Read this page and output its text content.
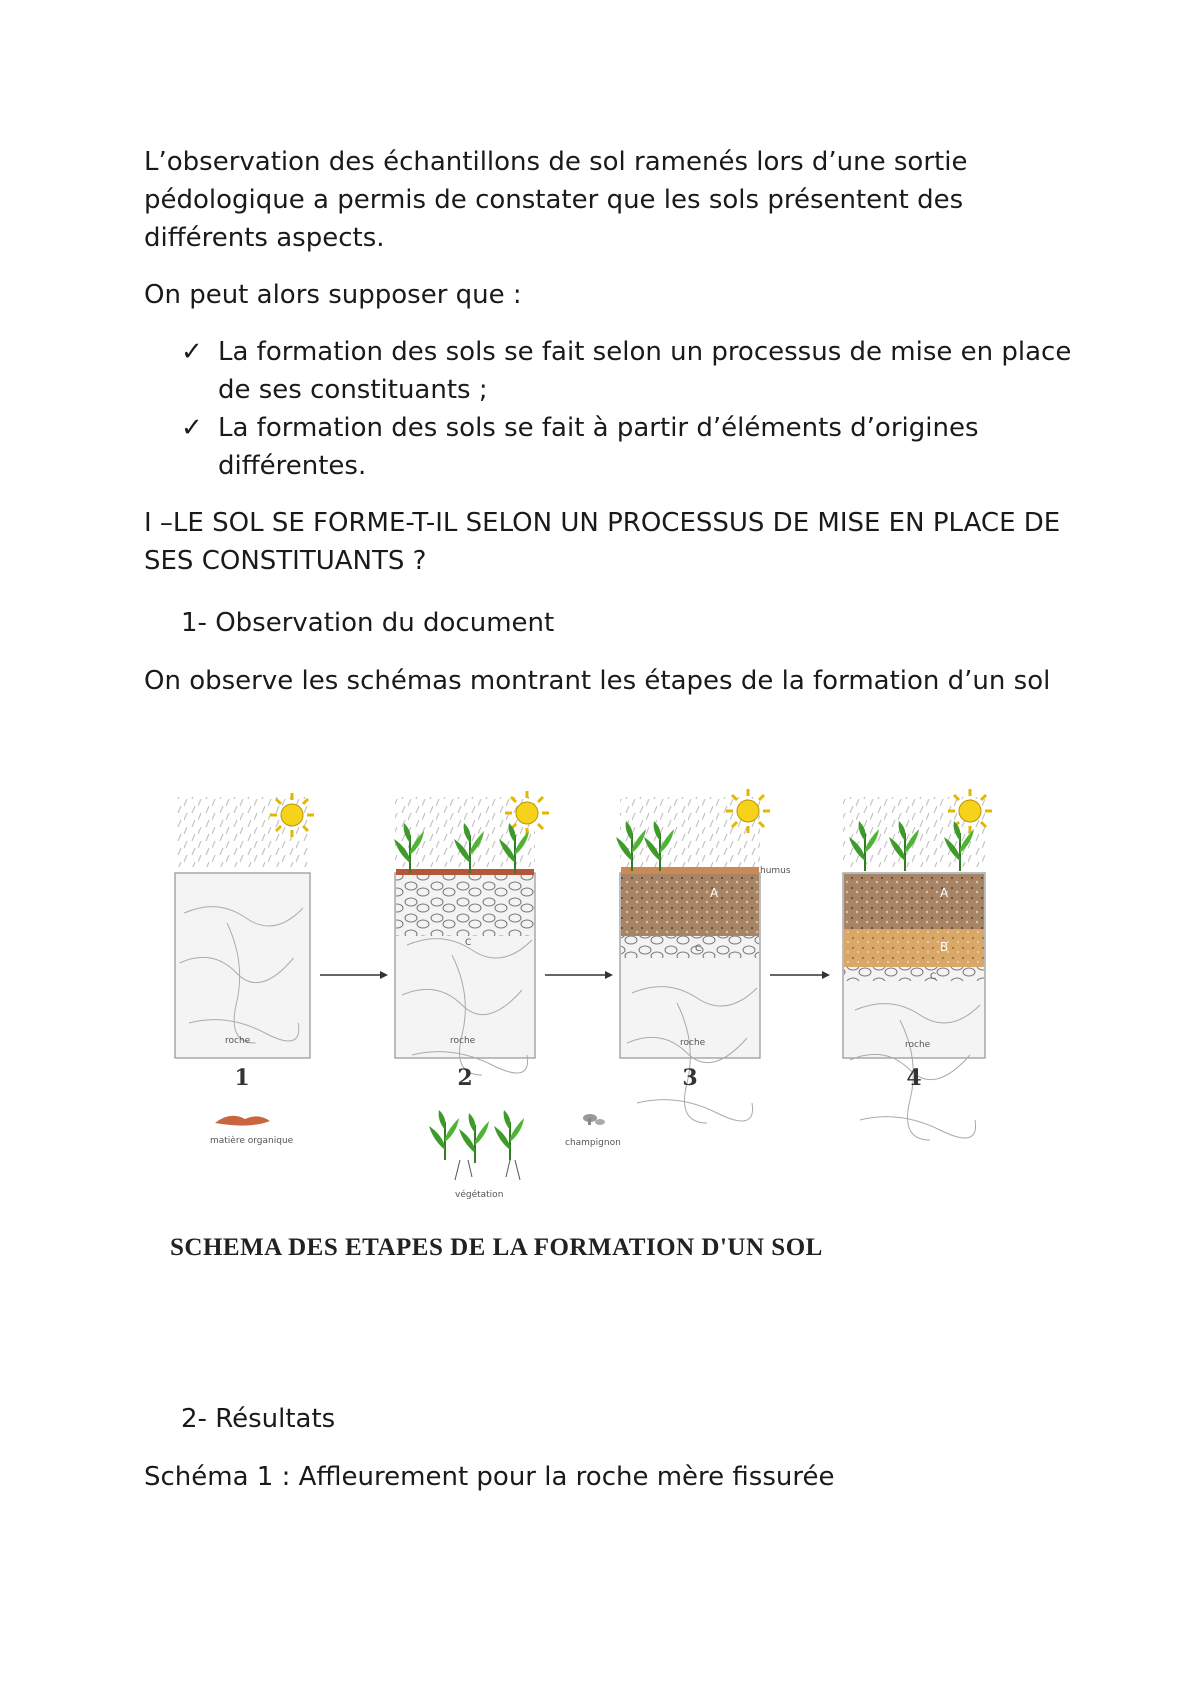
L’observation des échantillons de sol ramenés lors d’une sortie pédologique a permis de constater que les sols présentent des différents aspects.

On peut alors supposer que :

✓ La formation des sols se fait selon un processus de mise en place de ses constituants ;
✓ La formation des sols se fait à partir d’éléments d’origines différentes.

I –LE SOL SE FORME-T-IL SELON UN PROCESSUS DE MISE EN PLACE DE SES CONSTITUANTS ?

1- Observation du document

On observe les schémas montrant les étapes de la formation d’un sol

roche
1
C
roche
2
humus
A
C
roche
3
A
B
C
roche
4
matière organique
végétation
champignon
SCHEMA DES ETAPES DE LA FORMATION D'UN SOL
2- Résultats

Schéma 1 : Affleurement pour la roche mère fissurée
